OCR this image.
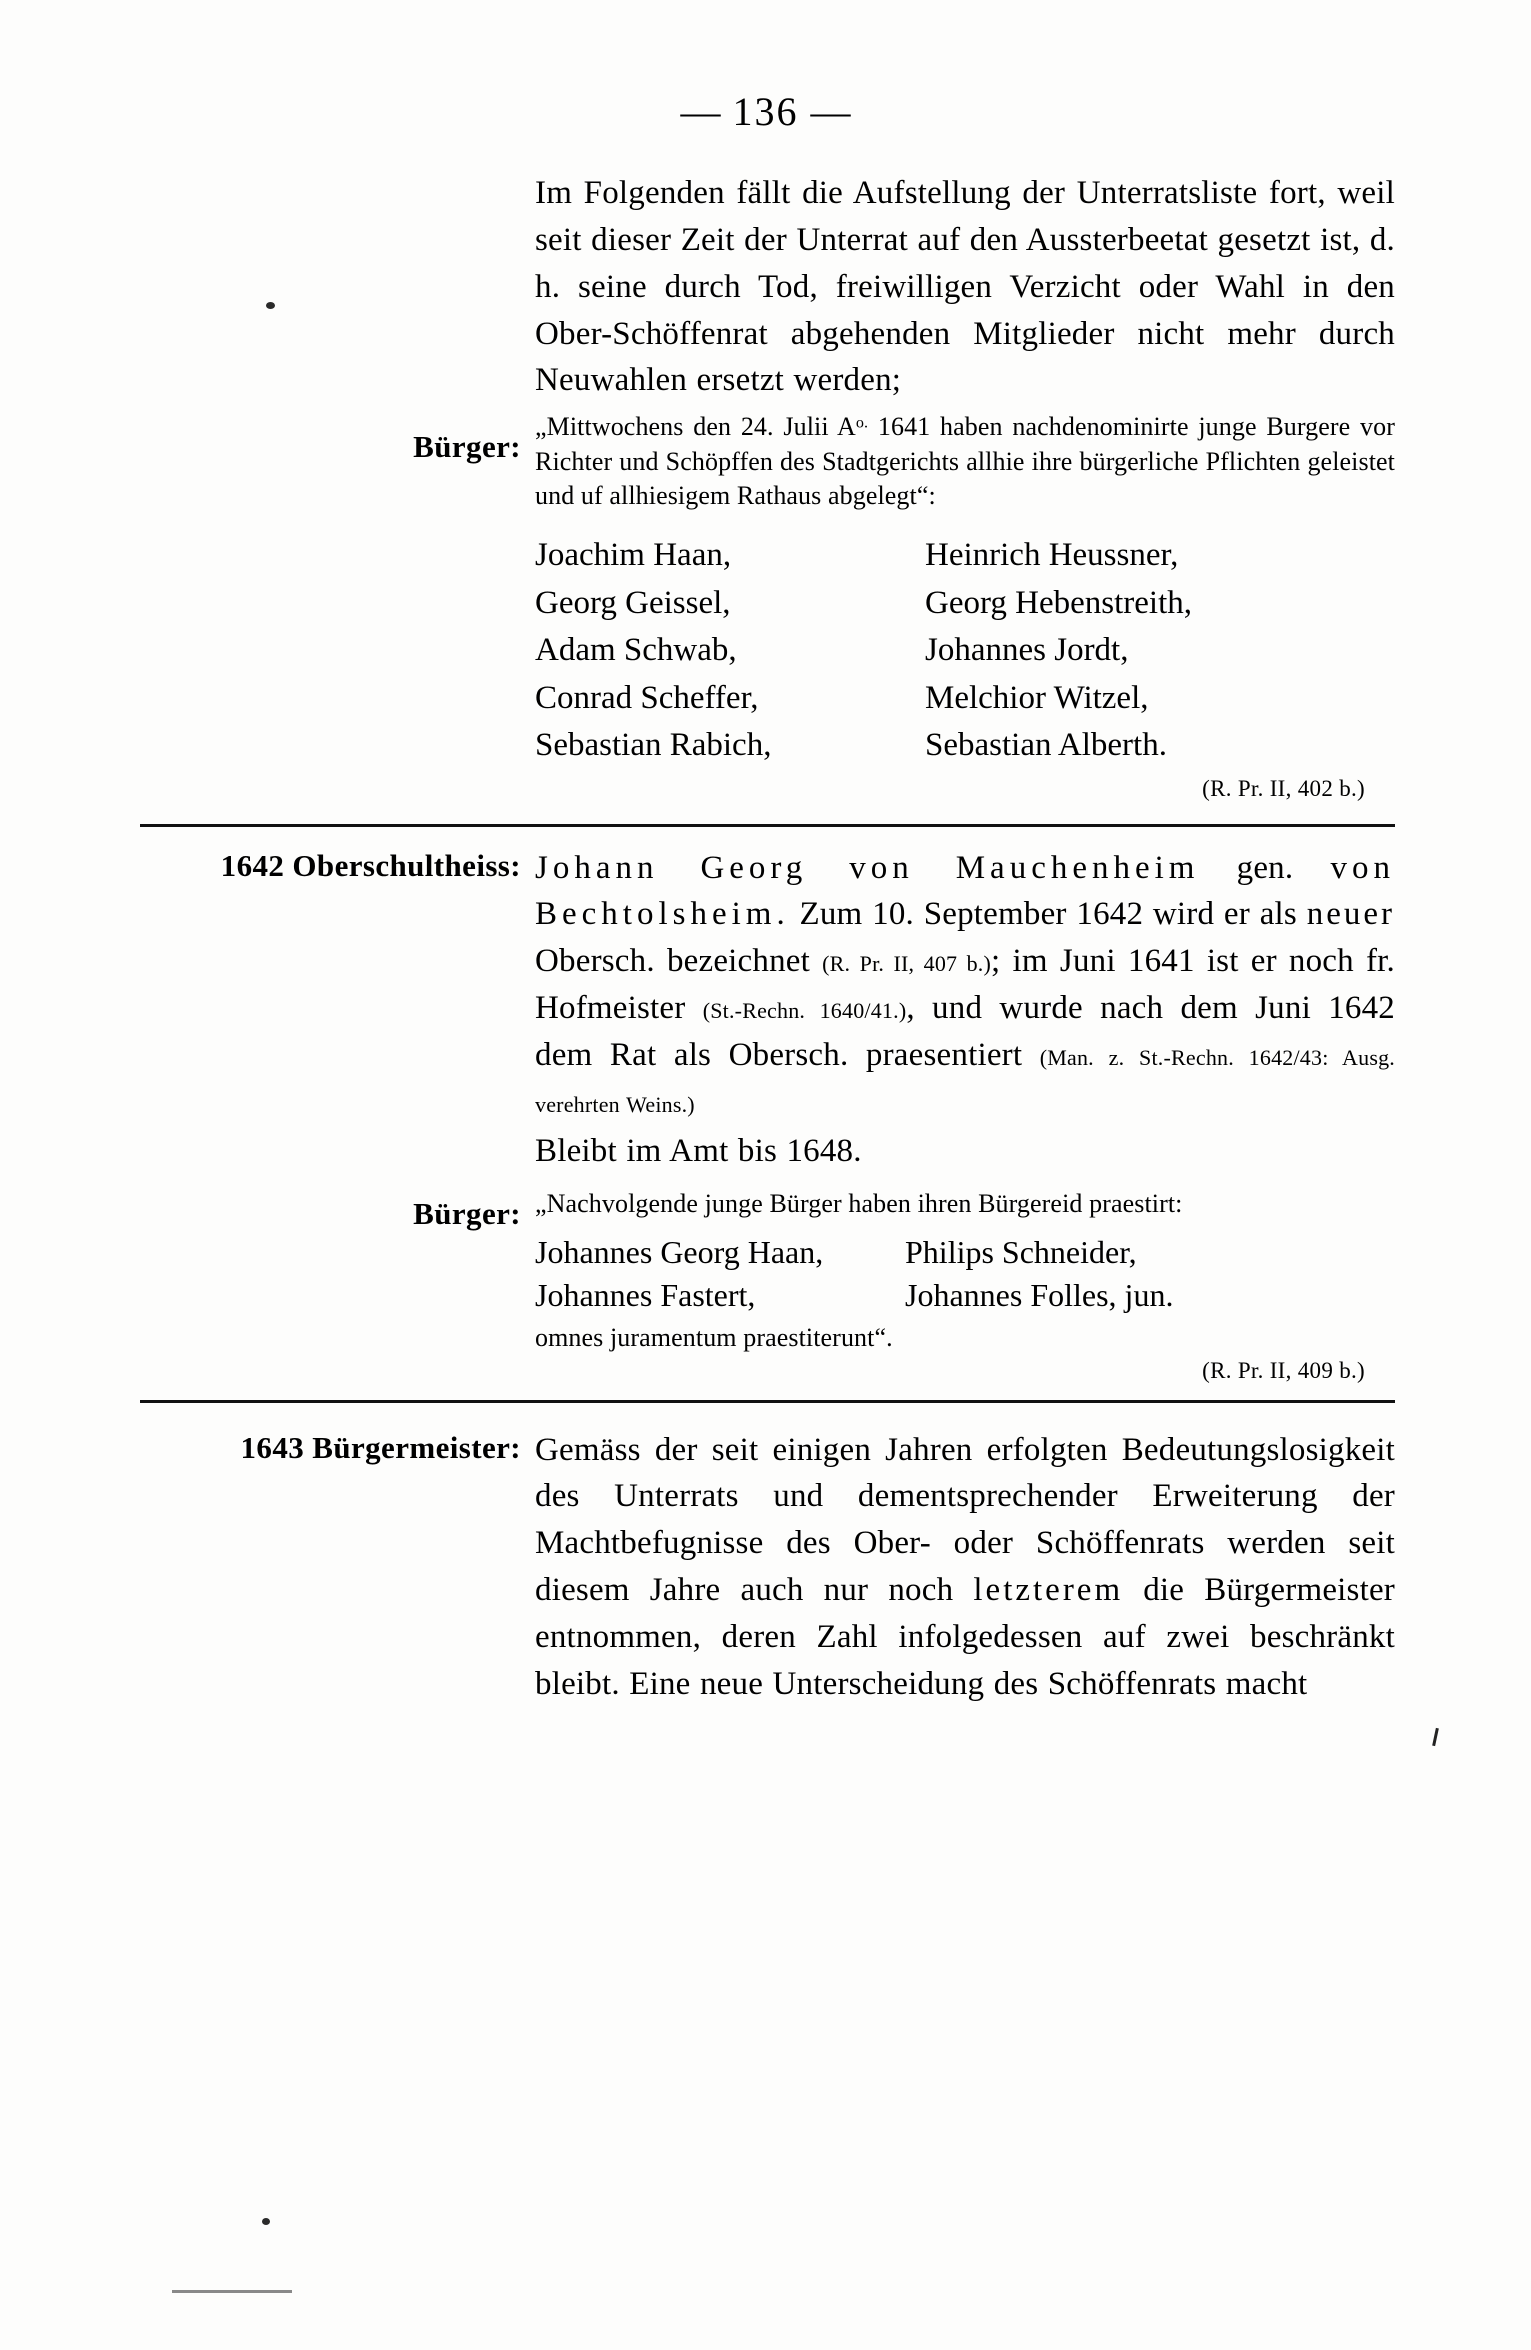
— 136 —

Im Folgenden fällt die Aufstellung der Unterratsliste fort, weil seit dieser Zeit der Unterrat auf den Aussterbeetat gesetzt ist, d. h. seine durch Tod, freiwilligen Verzicht oder Wahl in den Ober-Schöffenrat abgehenden Mitglieder nicht mehr durch Neuwahlen ersetzt werden;

Bürger:

„Mittwochens den 24. Julii $A^{o.}$ 1641 haben nachdenominirte junge Burgere vor Richter und Schöpffen des Stadtgerichts allhie ihre bürgerliche Pflichten geleistet und uf allhiesigem Rathaus abgelegt“:

Joachim Haan,
Georg Geissel,
Adam Schwab,
Conrad Scheffer,
Sebastian Rabich,
Heinrich Heussner,
Georg Hebenstreith,
Johannes Jordt,
Melchior Witzel,
Sebastian Alberth.

(R. Pr. II, 402 b.)

1642 Oberschultheiss: Johann Georg von Mauchenheim gen. von Bechtolsheim. Zum 10. September 1642 wird er als neuer Obersch. bezeichnet (R. Pr. II, 407 b.); im Juni 1641 ist er noch fr. Hofmeister (St.-Rechn. 1640/41.), und wurde nach dem Juni 1642 dem Rat als Obersch. praesentiert (Man. z. St.-Rechn. 1642/43: Ausg. verehrten Weins.)

Bleibt im Amt bis 1648.

Bürger: „Nachvolgende junge Bürger haben ihren Bürgereid praestirt:

Johannes Georg Haan,
Johannes Fastert,
Philips Schneider,
Johannes Folles, jun.

omnes juramentum praestiterunt“.

(R. Pr. II, 409 b.)

1643 Bürgermeister: Gemäss der seit einigen Jahren erfolgten Bedeutungslosigkeit des Unterrats und dementsprechender Erweiterung der Machtbefugnisse des Ober- oder Schöffenrats werden seit diesem Jahre auch nur noch letzterem die Bürgermeister entnommen, deren Zahl infolgedessen auf zwei beschränkt bleibt. Eine neue Unterscheidung des Schöffenrats macht
